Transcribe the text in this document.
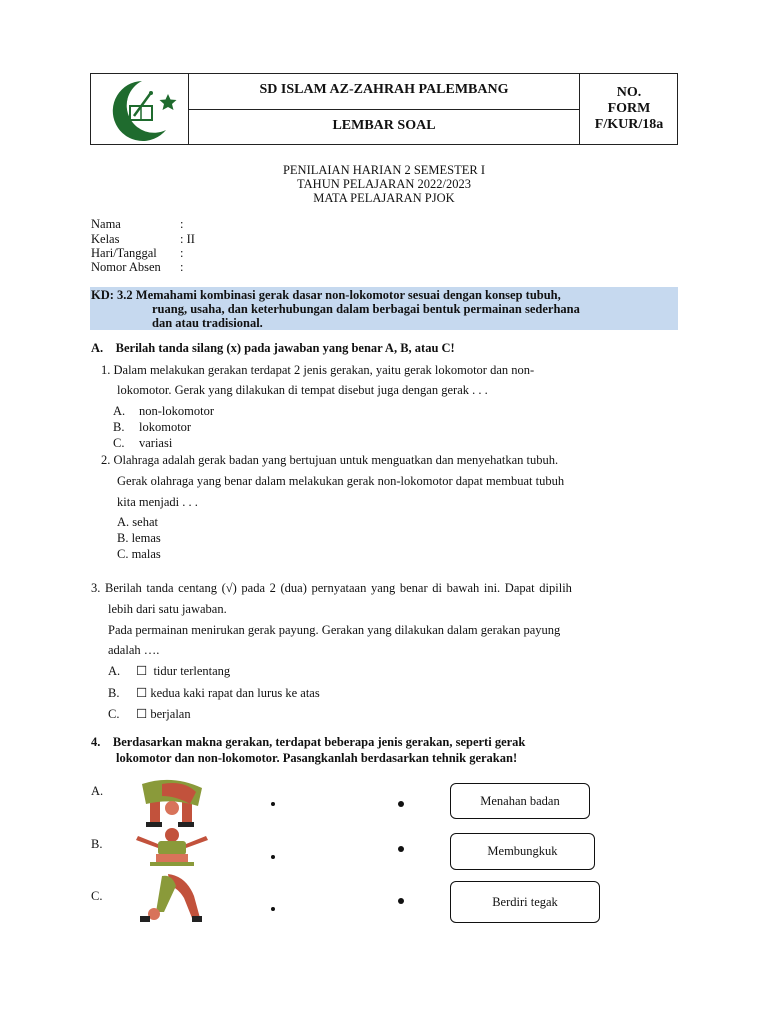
SD ISLAM AZ-ZAHRAH PALEMBANG
LEMBAR SOAL
NO.
FORM
F/KUR/18a
PENILAIAN HARIAN 2 SEMESTER I
TAHUN PELAJARAN 2022/2023
MATA PELAJARAN PJOK
Nama	:
Kelas	: II
Hari/Tanggal :
Nomor Absen :
KD: 3.2 Memahami kombinasi gerak dasar non-lokomotor sesuai dengan konsep tubuh,
ruang, usaha, dan keterhubungan dalam berbagai bentuk permainan sederhana
dan atau tradisional.
A.    Berilah tanda silang (x) pada jawaban yang benar A, B, atau C!
1. Dalam melakukan gerakan terdapat 2 jenis gerakan, yaitu gerak lokomotor dan non-
lokomotor. Gerak yang dilakukan di tempat disebut juga dengan gerak . . .
A. non-lokomotor
B. lokomotor
C. variasi
2. Olahraga adalah gerak badan yang bertujuan untuk menguatkan dan menyehatkan tubuh.
Gerak olahraga yang benar dalam melakukan gerak non-lokomotor dapat membuat tubuh
kita menjadi . . .
A. sehat
B. lemas
C. malas
3. Berilah tanda centang (√) pada 2 (dua) pernyataan yang benar di bawah ini. Dapat dipilih
lebih dari satu jawaban.
Pada permainan menirukan gerak payung. Gerakan yang dilakukan dalam gerakan payung
adalah ….
A. ☐  tidur terlentang
B. ☐ kedua kaki rapat dan lurus ke atas
C. ☐ berjalan
4.    Berdasarkan makna gerakan, terdapat beberapa jenis gerakan, seperti gerak
lokomotor dan non-lokomotor. Pasangkanlah berdasarkan tehnik gerakan!
A.
B.
C.
Menahan badan
Membungkuk
Berdiri tegak
